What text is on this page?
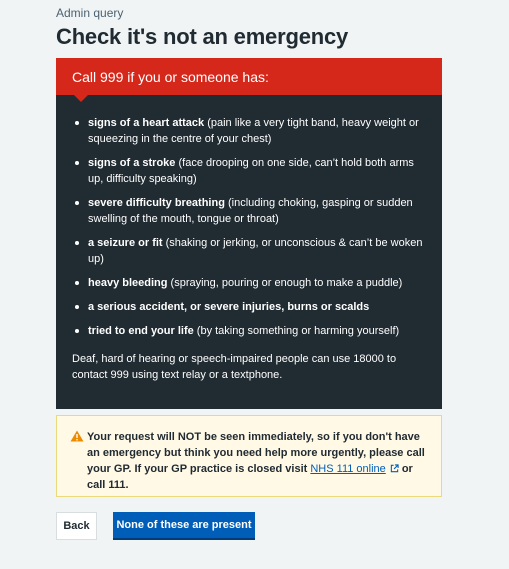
Admin query
Check it's not an emergency
Call 999 if you or someone has:
signs of a heart attack (pain like a very tight band, heavy weight or squeezing in the centre of your chest)
signs of a stroke (face drooping on one side, can’t hold both arms up, difficulty speaking)
severe difficulty breathing (including choking, gasping or sudden swelling of the mouth, tongue or throat)
a seizure or fit (shaking or jerking, or unconscious & can’t be woken up)
heavy bleeding (spraying, pouring or enough to make a puddle)
a serious accident, or severe injuries, burns or scalds
tried to end your life (by taking something or harming yourself)

Deaf, hard of hearing or speech-impaired people can use 18000 to contact 999 using text relay or a textphone.

Your request will NOT be seen immediately, so if you don't have an emergency but think you need help more urgently, please call your GP. If your GP practice is closed visit NHS 111 online or call 111.
Back	None of these are present
